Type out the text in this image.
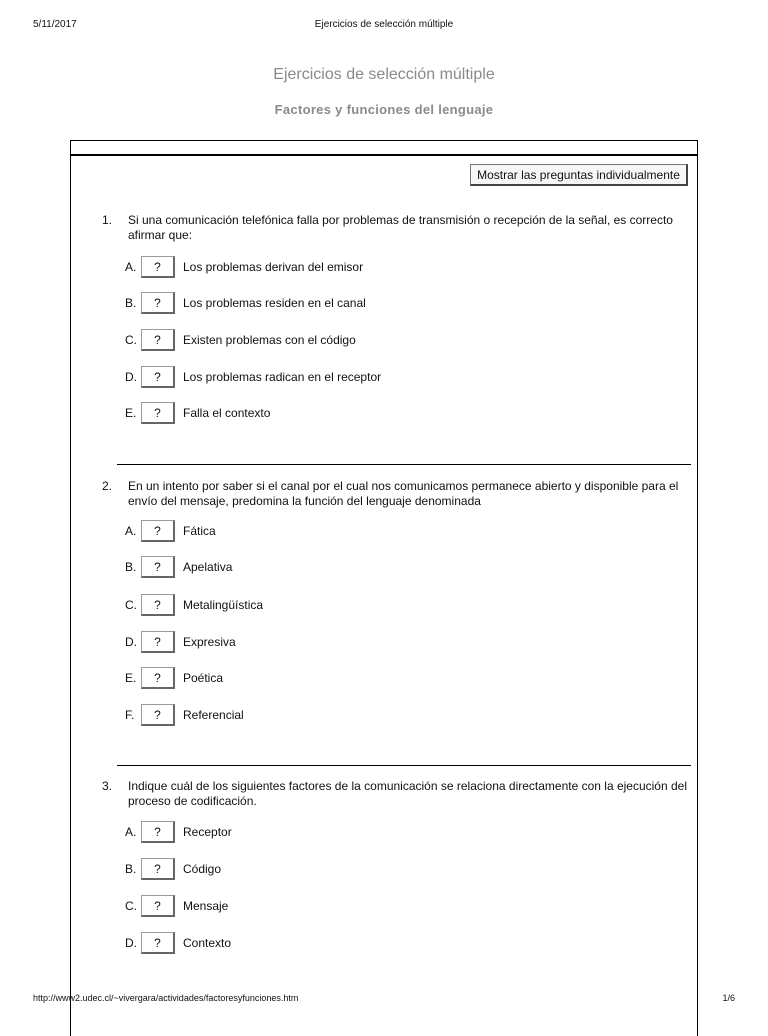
5/11/2017	Ejercicios de selección múltiple
Ejercicios de selección múltiple
Factores y funciones del lenguaje
Mostrar las preguntas individualmente
1. Si una comunicación telefónica falla por problemas de transmisión o recepción de la señal, es correcto afirmar que:
A.	?	Los problemas derivan del emisor
B.	?	Los problemas residen en el canal
C.	?	Existen problemas con el código
D.	?	Los problemas radican en el receptor
E.	?	Falla el contexto
2. En un intento por saber si el canal por el cual nos comunicamos permanece abierto y disponible para el envío del mensaje, predomina la función del lenguaje denominada
A.	?	Fática
B.	?	Apelativa
C.	?	Metalingüística
D.	?	Expresiva
E.	?	Poética
F.	?	Referencial
3. Indique cuál de los siguientes factores de la comunicación se relaciona directamente con la ejecución del proceso de codificación.
A.	?	Receptor
B.	?	Código
C.	?	Mensaje
D.	?	Contexto
http://www2.udec.cl/~vivergara/actividades/factoresyfunciones.htm	1/6
